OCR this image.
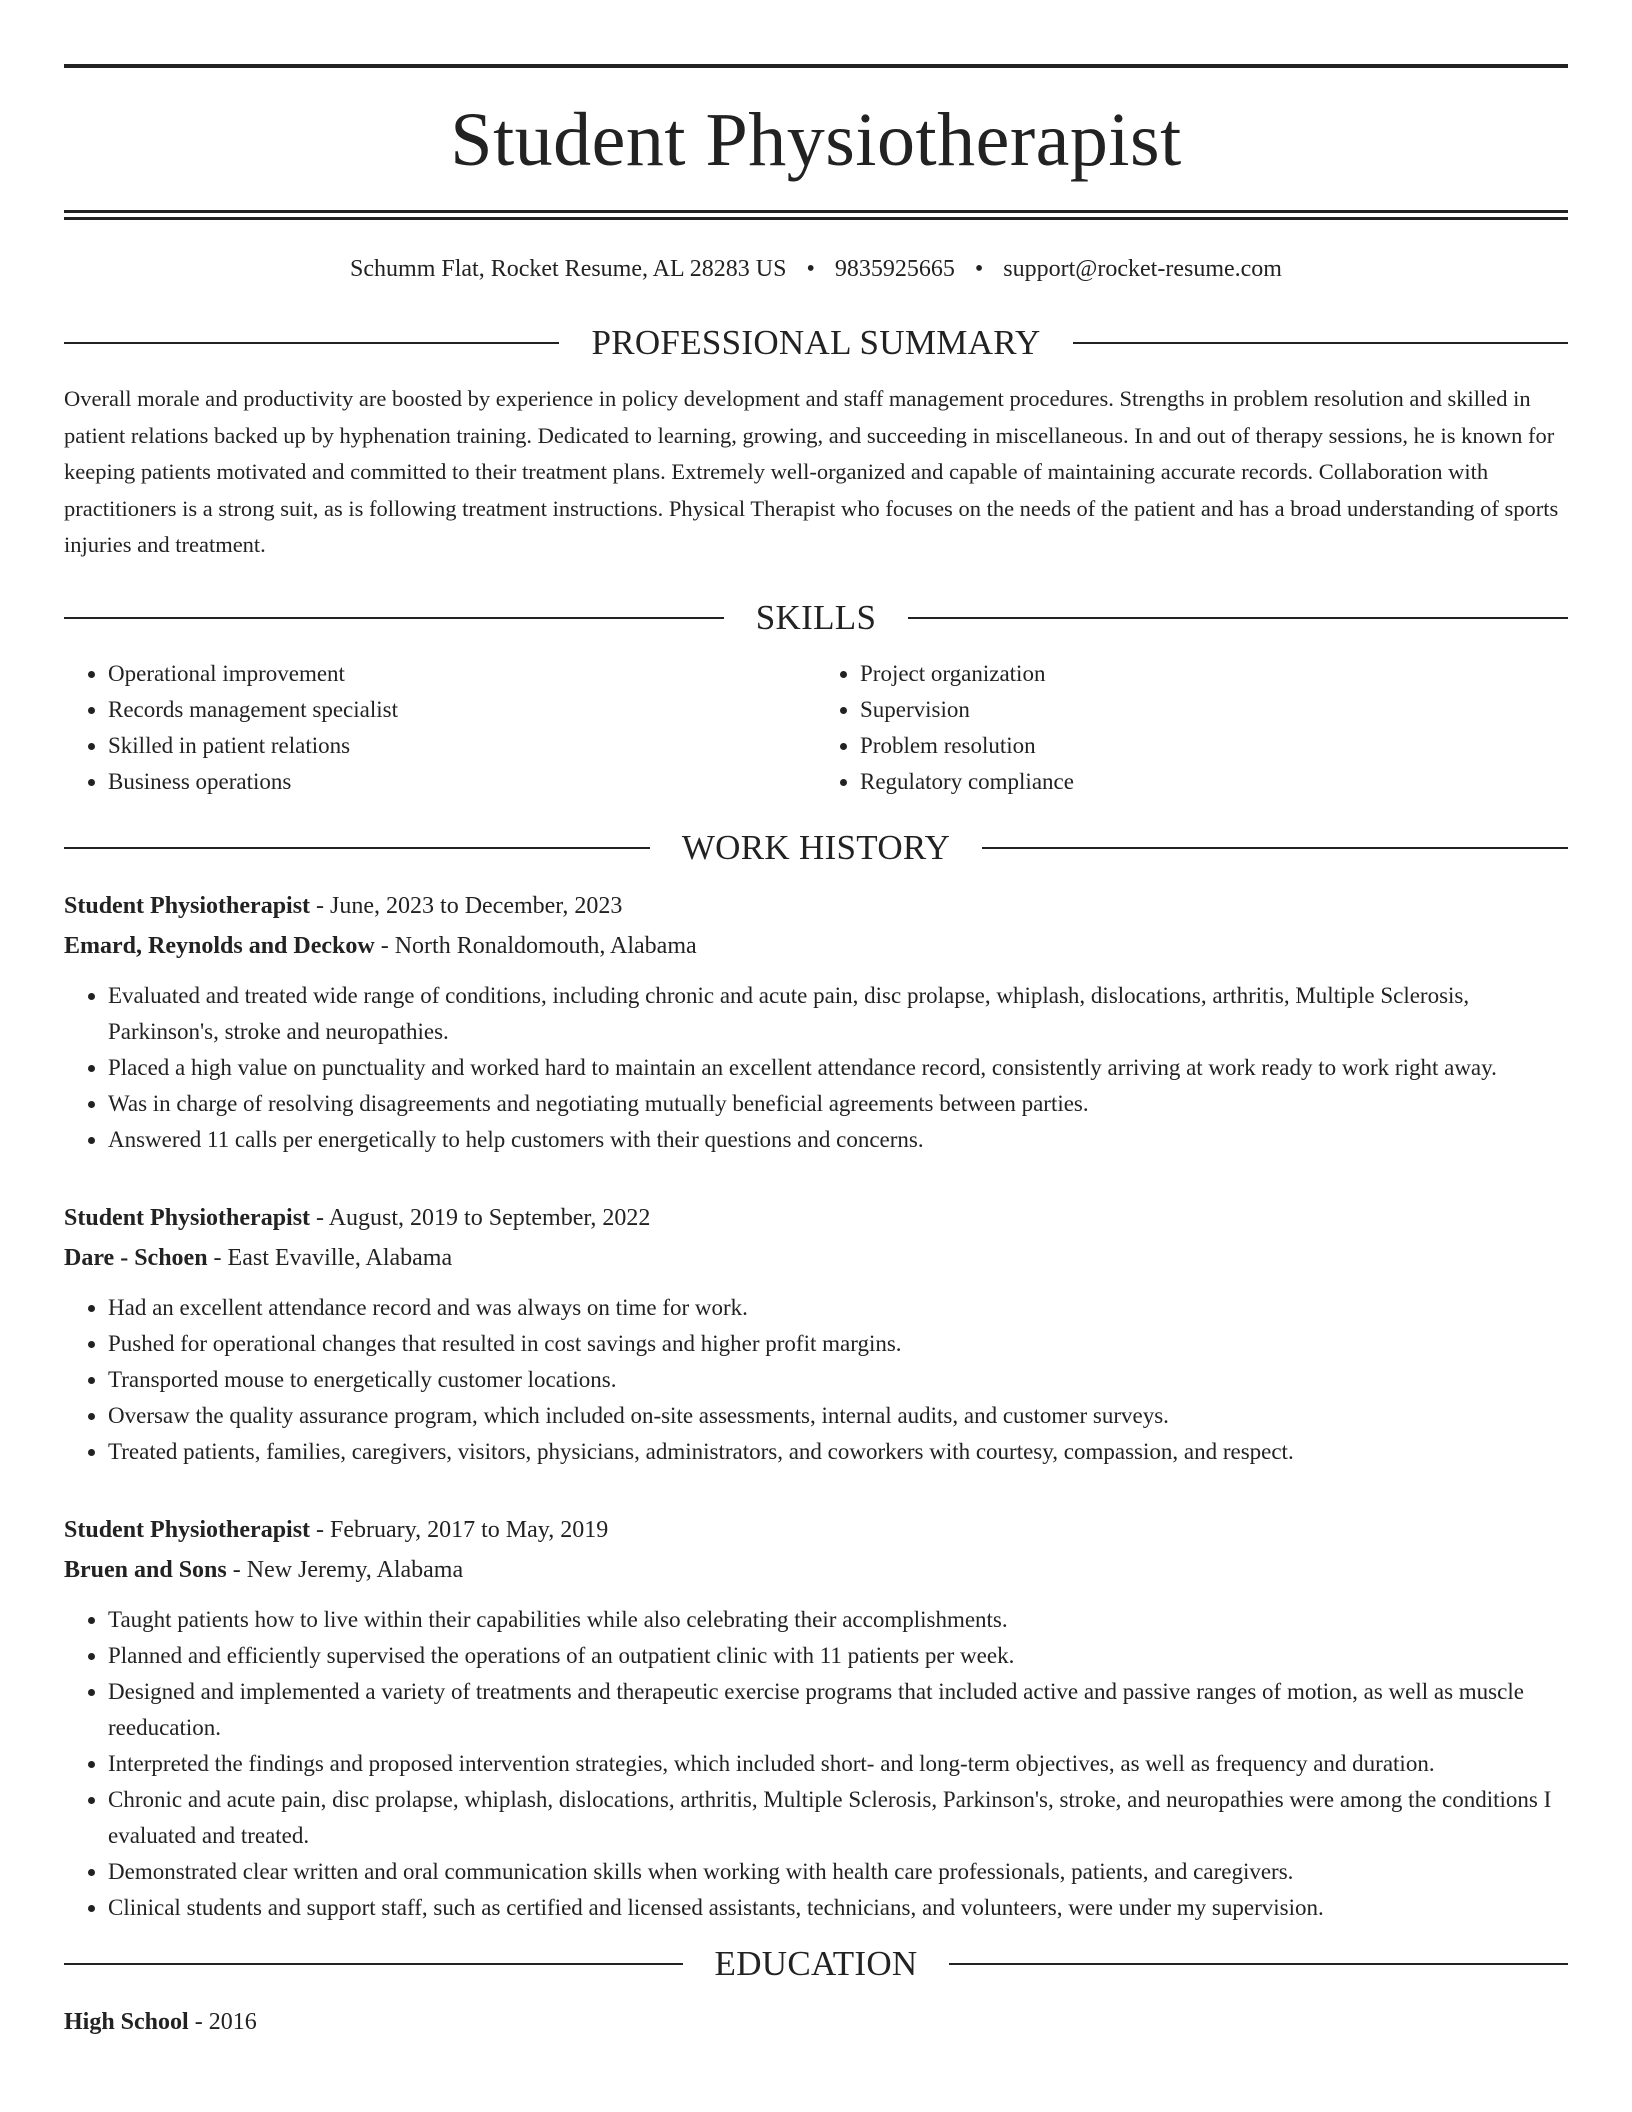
Student Physiotherapist
Schumm Flat, Rocket Resume, AL 28283 US • 9835925665 • support@rocket-resume.com
PROFESSIONAL SUMMARY

Overall morale and productivity are boosted by experience in policy development and staff management procedures. Strengths in problem resolution and skilled in patient relations backed up by hyphenation training. Dedicated to learning, growing, and succeeding in miscellaneous. In and out of therapy sessions, he is known for keeping patients motivated and committed to their treatment plans. Extremely well-organized and capable of maintaining accurate records. Collaboration with practitioners is a strong suit, as is following treatment instructions. Physical Therapist who focuses on the needs of the patient and has a broad understanding of sports injuries and treatment.

SKILLS
• Operational improvement
• Records management specialist
• Skilled in patient relations
• Business operations
• Project organization
• Supervision
• Problem resolution
• Regulatory compliance
WORK HISTORY
Student Physiotherapist - June, 2023 to December, 2023
Emard, Reynolds and Deckow - North Ronaldomouth, Alabama
• Evaluated and treated wide range of conditions, including chronic and acute pain, disc prolapse, whiplash, dislocations, arthritis, Multiple Sclerosis, Parkinson's, stroke and neuropathies.
• Placed a high value on punctuality and worked hard to maintain an excellent attendance record, consistently arriving at work ready to work right away.
• Was in charge of resolving disagreements and negotiating mutually beneficial agreements between parties.
• Answered 11 calls per energetically to help customers with their questions and concerns.
Student Physiotherapist - August, 2019 to September, 2022
Dare - Schoen - East Evaville, Alabama
• Had an excellent attendance record and was always on time for work.
• Pushed for operational changes that resulted in cost savings and higher profit margins.
• Transported mouse to energetically customer locations.
• Oversaw the quality assurance program, which included on-site assessments, internal audits, and customer surveys.
• Treated patients, families, caregivers, visitors, physicians, administrators, and coworkers with courtesy, compassion, and respect.
Student Physiotherapist - February, 2017 to May, 2019
Bruen and Sons - New Jeremy, Alabama
• Taught patients how to live within their capabilities while also celebrating their accomplishments.
• Planned and efficiently supervised the operations of an outpatient clinic with 11 patients per week.
• Designed and implemented a variety of treatments and therapeutic exercise programs that included active and passive ranges of motion, as well as muscle reeducation.
• Interpreted the findings and proposed intervention strategies, which included short- and long-term objectives, as well as frequency and duration.
• Chronic and acute pain, disc prolapse, whiplash, dislocations, arthritis, Multiple Sclerosis, Parkinson's, stroke, and neuropathies were among the conditions I evaluated and treated.
• Demonstrated clear written and oral communication skills when working with health care professionals, patients, and caregivers.
• Clinical students and support staff, such as certified and licensed assistants, technicians, and volunteers, were under my supervision.
EDUCATION
High School - 2016
